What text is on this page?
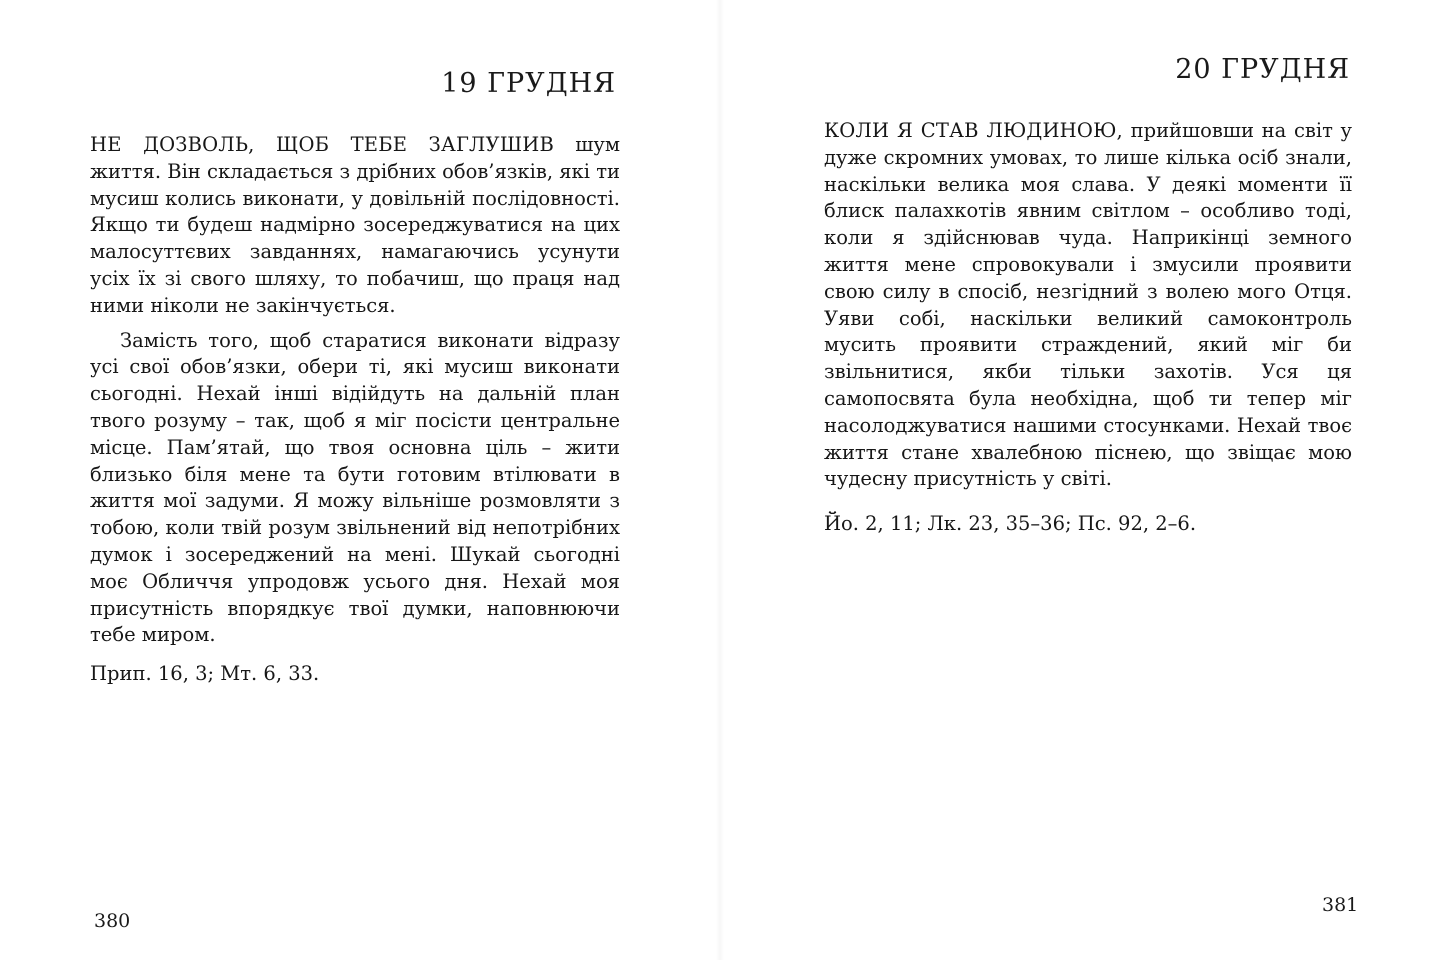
19 ГРУДНЯ

НЕ ДОЗВОЛЬ, ЩОБ ТЕБЕ ЗАГЛУШИВ шум життя. Він складається з дрібних обов’язків, які ти мусиш колись виконати, у довільній послідовності. Якщо ти будеш надмірно зосереджуватися на цих малосуттєвих завданнях, намагаючись усунути усіх їх зі свого шляху, то побачиш, що праця над ними ніколи не закінчується.

Замість того, щоб старатися виконати відразу усі свої обов’язки, обери ті, які мусиш виконати сьогодні. Нехай інші відійдуть на дальній план твого розуму – так, щоб я міг посісти центральне місце. Пам’ятай, що твоя основна ціль – жити близько біля мене та бути готовим втілювати в життя мої задуми. Я можу вільніше розмовляти з тобою, коли твій розум звільнений від непотрібних думок і зосереджений на мені. Шукай сьогодні моє Обличчя упродовж усього дня. Нехай моя присутність впорядкує твої думки, наповнюючи тебе миром.

Прип. 16, 3; Мт. 6, 33.

380

20 ГРУДНЯ

КОЛИ Я СТАВ ЛЮДИНОЮ, прийшовши на світ у дуже скромних умовах, то лише кілька осіб знали, наскільки велика моя слава. У деякі моменти її блиск палахкотів явним світлом – особливо тоді, коли я здійснював чуда. Наприкінці земного життя мене спровокували і змусили проявити свою силу в спосіб, незгідний з волею мого Отця. Уяви собі, наскільки великий самоконтроль мусить проявити страждений, який міг би звільнитися, якби тільки захотів. Уся ця самопосвята була необхідна, щоб ти тепер міг насолоджуватися нашими стосунками. Нехай твоє життя стане хвалебною піснею, що звіщає мою чудесну присутність у світі.

Йо. 2, 11; Лк. 23, 35–36; Пс. 92, 2–6.

381
